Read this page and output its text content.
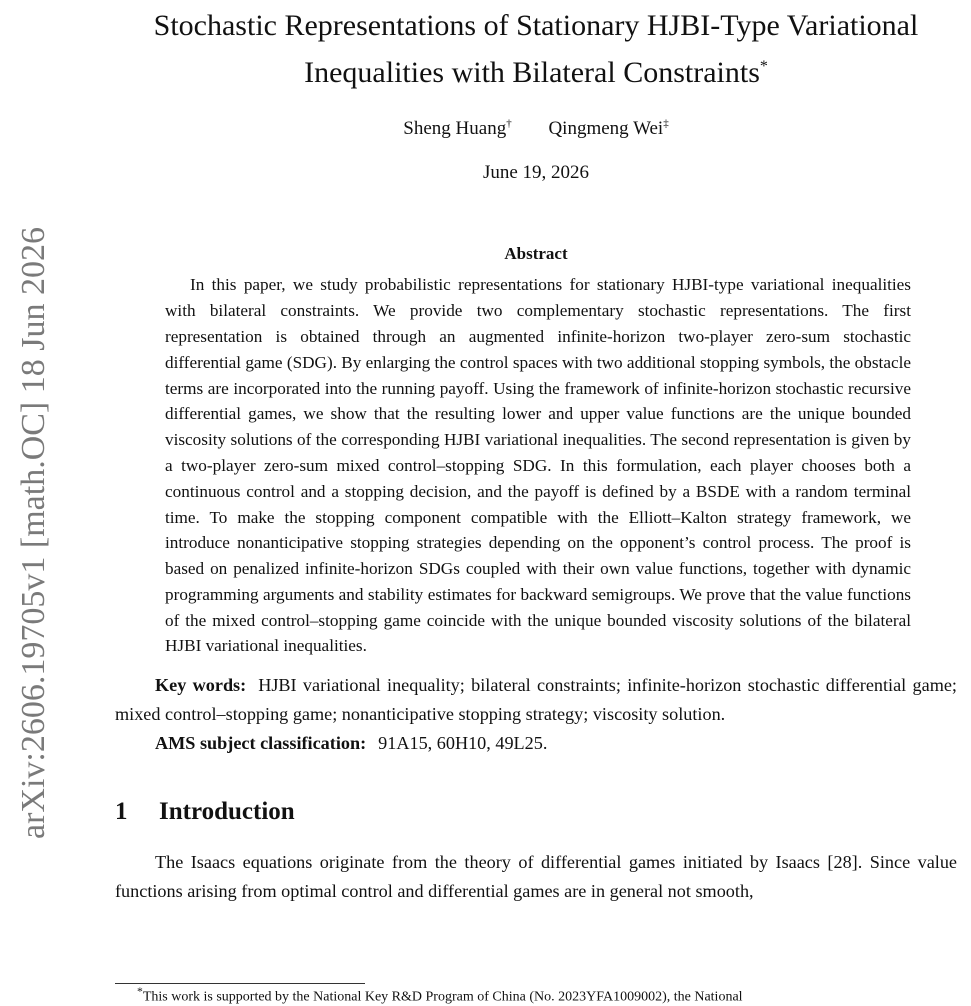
arXiv:2606.19705v1 [math.OC] 18 Jun 2026
Stochastic Representations of Stationary HJBI-Type Variational
Inequalities with Bilateral Constraints*
Sheng Huang† Qingmeng Wei‡
June 19, 2026
Abstract

In this paper, we study probabilistic representations for stationary HJBI-type variational inequalities with bilateral constraints. We provide two complementary stochastic representations. The first representation is obtained through an augmented infinite-horizon two-player zero-sum stochastic differential game (SDG). By enlarging the control spaces with two additional stopping symbols, the obstacle terms are incorporated into the running payoff. Using the framework of infinite-horizon stochastic recursive differential games, we show that the resulting lower and upper value functions are the unique bounded viscosity solutions of the corresponding HJBI variational inequalities. The second representation is given by a two-player zero-sum mixed control–stopping SDG. In this formulation, each player chooses both a continuous control and a stopping decision, and the payoff is defined by a BSDE with a random terminal time. To make the stopping component compatible with the Elliott–Kalton strategy framework, we introduce nonanticipative stopping strategies depending on the opponent’s control process. The proof is based on penalized infinite-horizon SDGs coupled with their own value functions, together with dynamic programming arguments and stability estimates for backward semigroups. We prove that the value functions of the mixed control–stopping game coincide with the unique bounded viscosity solutions of the bilateral HJBI variational inequalities.

Key words: HJBI variational inequality; bilateral constraints; infinite-horizon stochastic differential game; mixed control–stopping game; nonanticipative stopping strategy; viscosity solution.

AMS subject classification: 91A15, 60H10, 49L25.

1 Introduction

The Isaacs equations originate from the theory of differential games initiated by Isaacs [28]. Since value functions arising from optimal control and differential games are in general not smooth,

*This work is supported by the National Key R&D Program of China (No. 2023YFA1009002), the National
